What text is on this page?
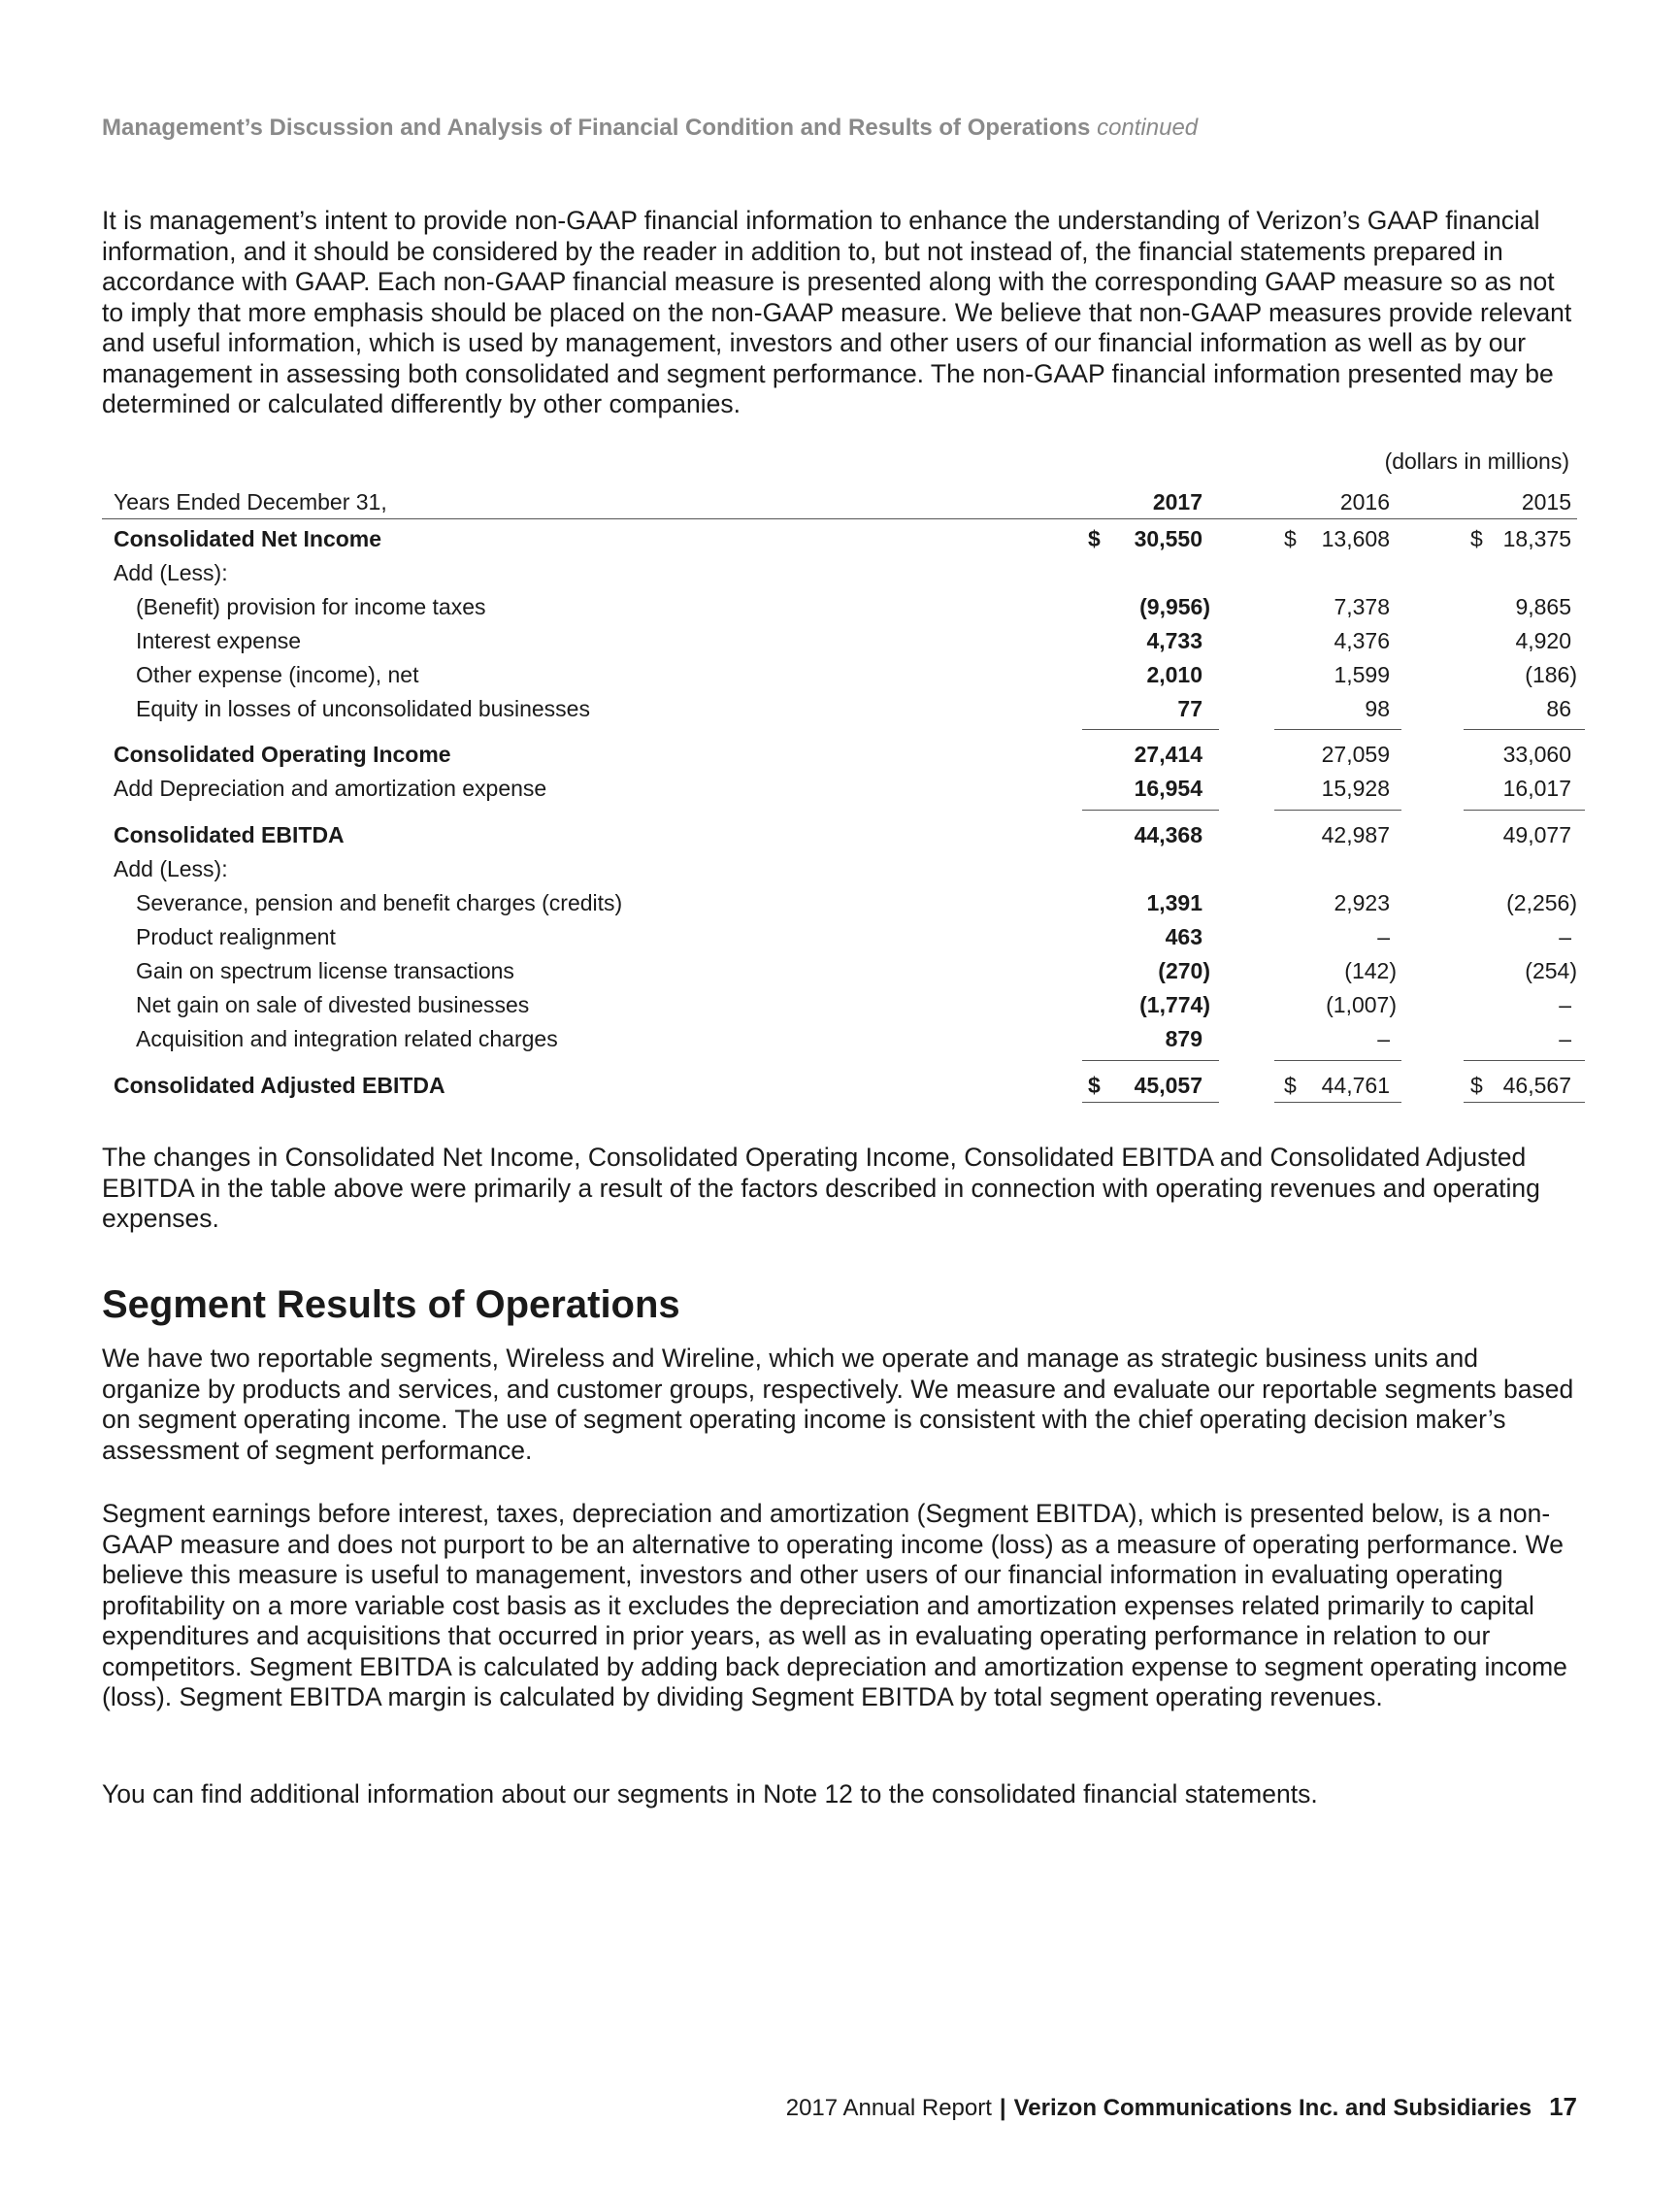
Management’s Discussion and Analysis of Financial Condition and Results of Operations continued

It is management’s intent to provide non-GAAP financial information to enhance the understanding of Verizon’s GAAP financial information, and it should be considered by the reader in addition to, but not instead of, the financial statements prepared in accordance with GAAP. Each non-GAAP financial measure is presented along with the corresponding GAAP measure so as not to imply that more emphasis should be placed on the non-GAAP measure. We believe that non-GAAP measures provide relevant and useful information, which is used by management, investors and other users of our financial information as well as by our management in assessing both consolidated and segment performance. The non-GAAP financial information presented may be determined or calculated differently by other companies.

(dollars in millions)
Years Ended December 31,	2017	2016	2015
Consolidated Net Income	$ 30,550	$ 13,608	$ 18,375
Add (Less):
(Benefit) provision for income taxes	(9,956)	7,378	9,865
Interest expense	4,733	4,376	4,920
Other expense (income), net	2,010	1,599	(186)
Equity in losses of unconsolidated businesses	77	98	86
Consolidated Operating Income	27,414	27,059	33,060
Add Depreciation and amortization expense	16,954	15,928	16,017
Consolidated EBITDA	44,368	42,987	49,077
Add (Less):
Severance, pension and benefit charges (credits)	1,391	2,923	(2,256)
Product realignment	463	–	–
Gain on spectrum license transactions	(270)	(142)	(254)
Net gain on sale of divested businesses	(1,774)	(1,007)	–
Acquisition and integration related charges	879	–	–
Consolidated Adjusted EBITDA	$ 45,057	$ 44,761	$ 46,567

The changes in Consolidated Net Income, Consolidated Operating Income, Consolidated EBITDA and Consolidated Adjusted EBITDA in the table above were primarily a result of the factors described in connection with operating revenues and operating expenses.

Segment Results of Operations

We have two reportable segments, Wireless and Wireline, which we operate and manage as strategic business units and organize by products and services, and customer groups, respectively. We measure and evaluate our reportable segments based on segment operating income. The use of segment operating income is consistent with the chief operating decision maker’s assessment of segment performance.

Segment earnings before interest, taxes, depreciation and amortization (Segment EBITDA), which is presented below, is a non-GAAP measure and does not purport to be an alternative to operating income (loss) as a measure of operating performance. We believe this measure is useful to management, investors and other users of our financial information in evaluating operating profitability on a more variable cost basis as it excludes the depreciation and amortization expenses related primarily to capital expenditures and acquisitions that occurred in prior years, as well as in evaluating operating performance in relation to our competitors. Segment EBITDA is calculated by adding back depreciation and amortization expense to segment operating income (loss). Segment EBITDA margin is calculated by dividing Segment EBITDA by total segment operating revenues.

You can find additional information about our segments in Note 12 to the consolidated financial statements.

2017 Annual Report | Verizon Communications Inc. and Subsidiaries 17
